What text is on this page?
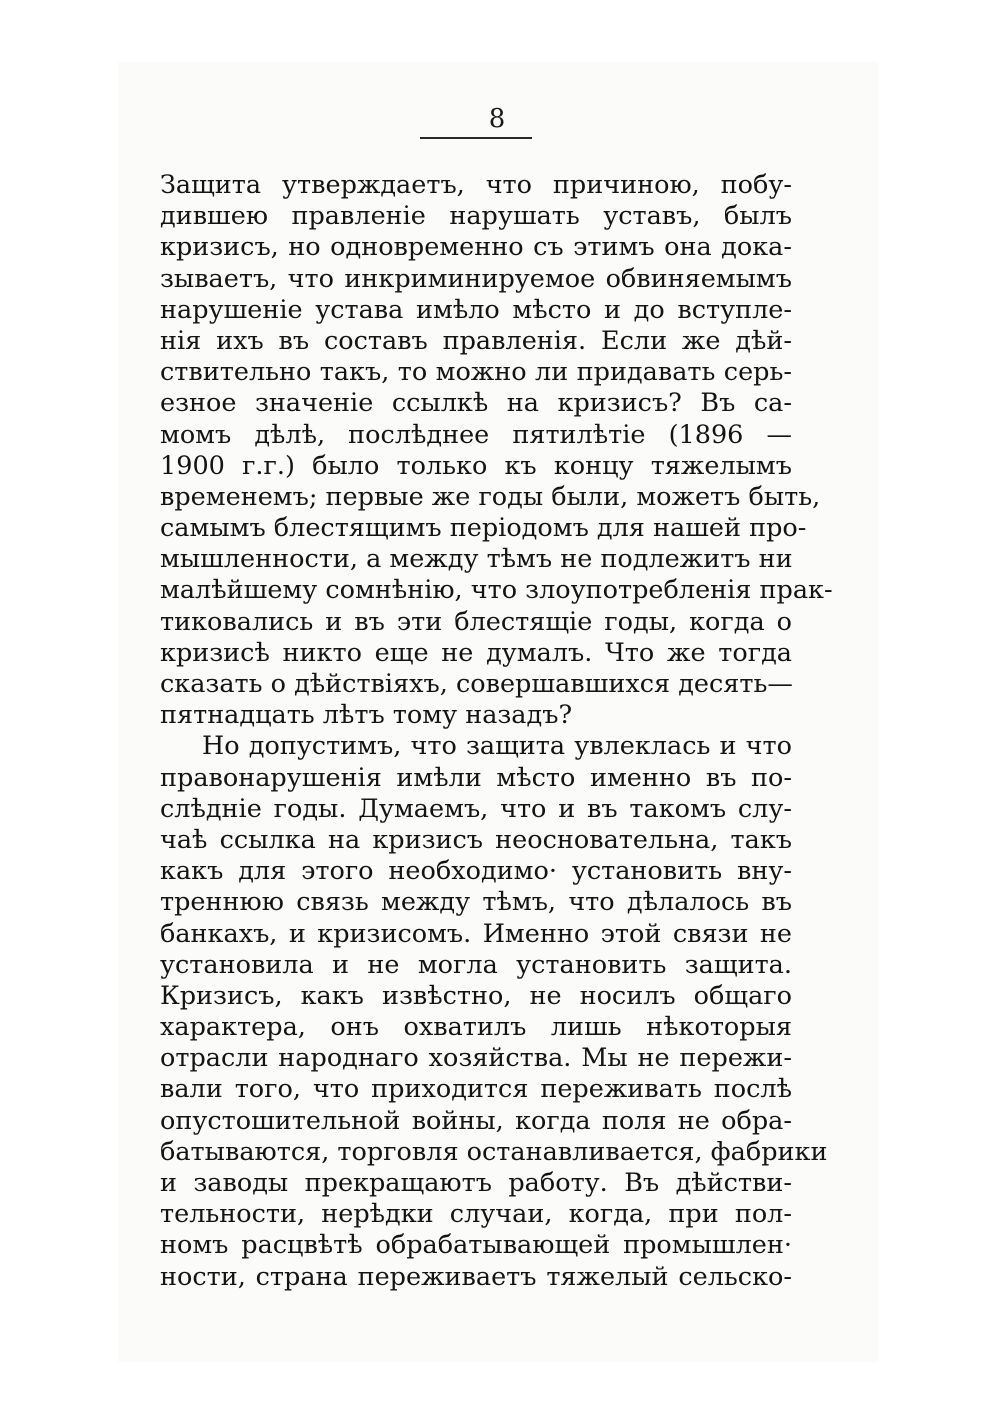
8
Защита утверждаетъ, что причиною, побу-
дившею правленіе нарушать уставъ, былъ
кризисъ, но одновременно съ этимъ она дока-
зываетъ, что инкриминируемое обвиняемымъ
нарушеніе устава имѣло мѣсто и до вступле-
нія ихъ въ составъ правленія. Если же дѣй-
ствительно такъ, то можно ли придавать серь-
езное значеніе ссылкѣ на кризисъ? Въ са-
момъ дѣлѣ, послѣднее пятилѣтіе (1896 —
1900 г.г.) было только къ концу тяжелымъ
временемъ; первые же годы были, можетъ быть,
самымъ блестящимъ періодомъ для нашей про-
мышленности, а между тѣмъ не подлежитъ ни
малѣйшему сомнѣнію, что злоупотребленія прак-
тиковались и въ эти блестящіе годы, когда о
кризисѣ никто еще не думалъ. Что же тогда
сказать о дѣйствіяхъ, совершавшихся десять—
пятнадцать лѣтъ тому назадъ?
Но допустимъ, что защита увлеклась и что
правонарушенія имѣли мѣсто именно въ по-
слѣдніе годы. Думаемъ, что и въ такомъ слу-
чаѣ ссылка на кризисъ неосновательна, такъ
какъ для этого необходимо· установить вну-
треннюю связь между тѣмъ, что дѣлалось въ
банкахъ, и кризисомъ. Именно этой связи не
установила и не могла установить защита.
Кризисъ, какъ извѣстно, не носилъ общаго
характера, онъ охватилъ лишь нѣкоторыя
отрасли народнаго хозяйства. Мы не пережи-
вали того, что приходится переживать послѣ
опустошительной войны, когда поля не обра-
батываются, торговля останавливается, фабрики
и заводы прекращаютъ работу. Въ дѣйстви-
тельности, нерѣдки случаи, когда, при пол-
номъ расцвѣтѣ обрабатывающей промышлен·
ности, страна переживаетъ тяжелый сельско-
